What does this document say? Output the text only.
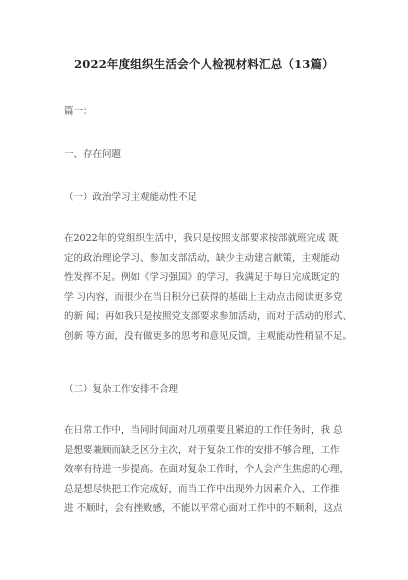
2022年度组织生活会个人检视材料汇总（13篇）
篇一：
一、存在问题
（一）政治学习主观能动性不足
在2022年的党组织生活中，我只是按照支部要求按部就班完成 既
定的政治理论学习、参加支部活动，缺少主动建言献策，主观能动
性发挥不足。例如《学习强国》的学习，我满足于每日完成既定的
学 习内容，而很少在当日积分已获得的基础上主动点击阅读更多党
的新 闻；再如我只是按照党支部要求参加活动，而对于活动的形式、
创新 等方面，没有做更多的思考和意见反馈，主观能动性稍显不足。
（二）复杂工作安排不合理
在日常工作中，当同时间面对几项重要且紧迫的工作任务时，我 总
是想要兼顾而缺乏区分主次，对于复杂工作的安排不够合理，工作
效率有待进一步提高。在面对复杂工作时，个人会产生焦虑的心理，
总是想尽快把工作完成好，而当工作中出现外力因素介入、工作推
进 不顺时，会有挫败感，不能以平常心面对工作中的不顺利，这点
